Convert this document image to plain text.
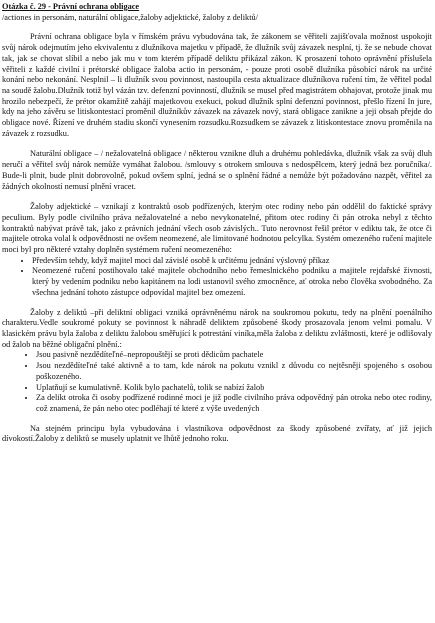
Otázka č. 29 - Právní ochrana obligace
/actiones in personám, naturální obligace,žaloby adjektické, žaloby z deliktů/
Právní ochrana obligace byla v římském právu vybudována tak, že zákonem se věřiteli zajišťovala možnost uspokojit svůj nárok odejmutím jeho ekvivalentu z dlužníkova majetku v případě, že dlužník svůj závazek nesplní, tj. že se nebude chovat tak, jak se chovat slíbil a nebo jak mu v tom kterém případě deliktu přikázal zákon. K prosazení tohoto oprávnění příslušela věřiteli z každé civilní i prétorské obligace žaloba actio in personám, - pouze proti osobě dlužníka působící nárok na určité konání nebo nekonání. Nesplnil – li dlužník svou povinnost, nastoupila cesta aktualizace dlužníkova ručení tím, že věřitel podal na soudě žalobu.Dlužník totiž byl vázán tzv. defenzní povinností, dlužník se musel před magistrátem obhajovat, protože jinak mu hrozilo nebezpečí, že prétor okamžitě zahájí majetkovou exekuci, pokud dlužník splní defenzní povinnost, přešlo řízení In jure, kdy na jeho závěru se litiskontestací proměnil dlužníkův závazek na závazek nový, stará obligace zanikne a jeji obsah přejde do obligace nové. Řízení ve druhém stadiu skončí vynesením rozsudku.Rozsudkem se závazek z litiskontestace znovu proměnila na závazek z rozsudku.
Naturální obligace – / nežalovatelná obligace / některou vznikne dluh a druhému pohledávka, dlužník však za svůj dluh neručí a věřitel svůj nárok nemůže vymáhat žalobou. /smlouvy s otrokem smlouva s nedospělcem, který jedná bez poručníka/. Bude-li plnit, bude plnit dobrovolně, pokud ovšem splní, jedná se o splnění řádné a nemůže být požadováno nazpět, věřitel za žádných okolností nemusí plnění vracet.
Žaloby adjektické – vznikají z kontraktů osob podřízených, kterým otec rodiny nebo pán oddělil do faktické správy peculium. Byly podle civilního práva nežalovatelné a nebo nevykonatelné, přitom otec rodiny či pán otroka nebyl z těchto kontraktů nabývat právě tak, jako z právních jednání všech osob závislých.. Tuto nerovnost řešil prétor v ediktu tak, že otce či majitele otroka volal k odpovědnosti ne ovšem neomezené, ale limitované hodnotou pelcylka. Systém omezeného ručení majitele moci byl pro některé vztahy doplněn systémem ručení neomezeného:
• Především tehdy, když majitel moci dal závislé osobě k určitému jednání výslovný příkaz
• Neomezené ručení postihovalo také majitele obchodního nebo řemeslnického podniku a majitele rejdařské živnosti, který by vedením podniku nebo kapitánem na lodi ustanovil svého zmocněnce, ať otroka nebo člověka svobodného. Za všechna jednání tohoto zástupce odpovídal majitel bez omezení.
Žaloby z deliktů –při deliktní obligaci vzniká oprávněnému nárok na soukromou pokutu, tedy na plnění poenálního charakteru.Vedle soukromé pokuty se povinnost k náhradě deliktem způsobené škody prosazovala jenom velmi pomalu. V klasickém právu byla žaloba z deliktu žalobou směřující k potrestání viníka,měla žaloba z deliktu zvláštnosti, které je odlišovaly od žalob na běžné obligační plnění.:
• Jsou pasivně nezdědíteľné–nepropouštějí se proti dědicům pachatele
• Jsou nezdědíteľné také aktivně a to tam, kde nárok na pokutu vznikl z důvodu co nejtěsněji spojeného s osobou poškozeného.
• Uplatňují se kumulativně. Kolik bylo pachatelů, tolik se nabízí žalob
• Za delikt otroka či osoby podřízené rodinné moci je již podle civilního práva odpovědný pán otroka nebo otec rodiny, což znamená, že pán nebo otec podléhají té které z výše uvedených
Na stejném principu byla vybudována i vlastníkova odpovědnost za škody způsobené zvířaty, ať již jejich dívokostí.Žaloby z deliktů se musely uplatnit ve lhůtě jednoho roku.
